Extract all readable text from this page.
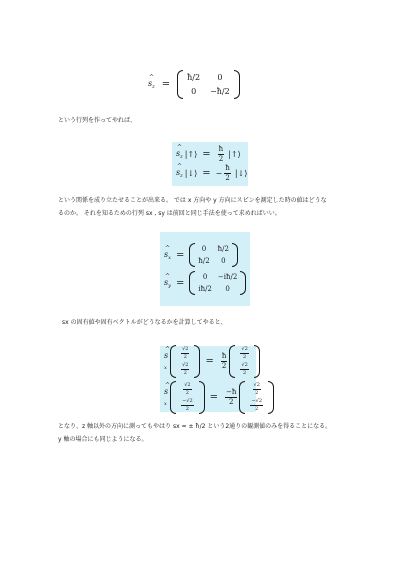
^ $s_z$ =
ħ/2 0
0 −ħ/2
という行列を作ってやれば、
^ $s_z$ |↑⟩ = $\frac{ħ}{2}$ |↑⟩
^ $s_z$ |↓⟩ = − $\frac{ħ}{2}$ |↓⟩
という関係を成り立たせることが出来る。 では x 方向や y 方向にスピンを測定した時の値はどうな
るのか。 それを知るための行列 sx , sy は前回と同じ手法を使って求めればいい。
^ $s_x$ =
0 ħ/2
ħ/2 0
^ $s_y$ =
0 −iħ/2
iħ/2 0
sx の固有値や固有ベクトルがどうなるかを計算してやると、
^ $s_x$
$\frac{√2}{2}$
$\frac{√2}{2}$
= $\frac{ħ}{2}$	$\frac{√2}{2}$
$\frac{√2}{2}$
^ $s_x$
$\frac{√2}{2}$
$\frac{-√2}{2}$
= $\frac{-ħ}{2}$	$\frac{√2}{2}$
$\frac{-√2}{2}$
となり、z 軸以外の方向に測ってもやはり sx = ± ħ/2 という2通りの観測値のみを得ることになる。
y 軸の場合にも同じようになる。
